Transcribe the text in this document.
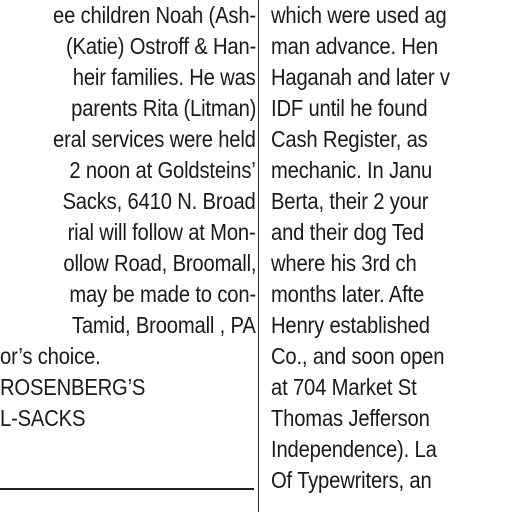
ee children Noah (Ash-
(Katie) Ostroff & Han-
heir families. He was
parents Rita (Litman)
eral services were held
2 noon at Goldsteins’
Sacks, 6410 N. Broad
rial will follow at Mon-
ollow Road, Broomall,
may be made to con-
Tamid, Broomall , PA
or’s choice.
ROSENBERG’S
L-SACKS
which were used ag
man advance. Hen
Haganah and later v
IDF until he found
Cash Register, as
mechanic. In Janu
Berta, their 2 your
and their dog Ted
where his 3rd ch
months later. Afte
Henry established
Co., and soon open
at 704 Market St
Thomas Jefferson
Independence). La
Of Typewriters, an
